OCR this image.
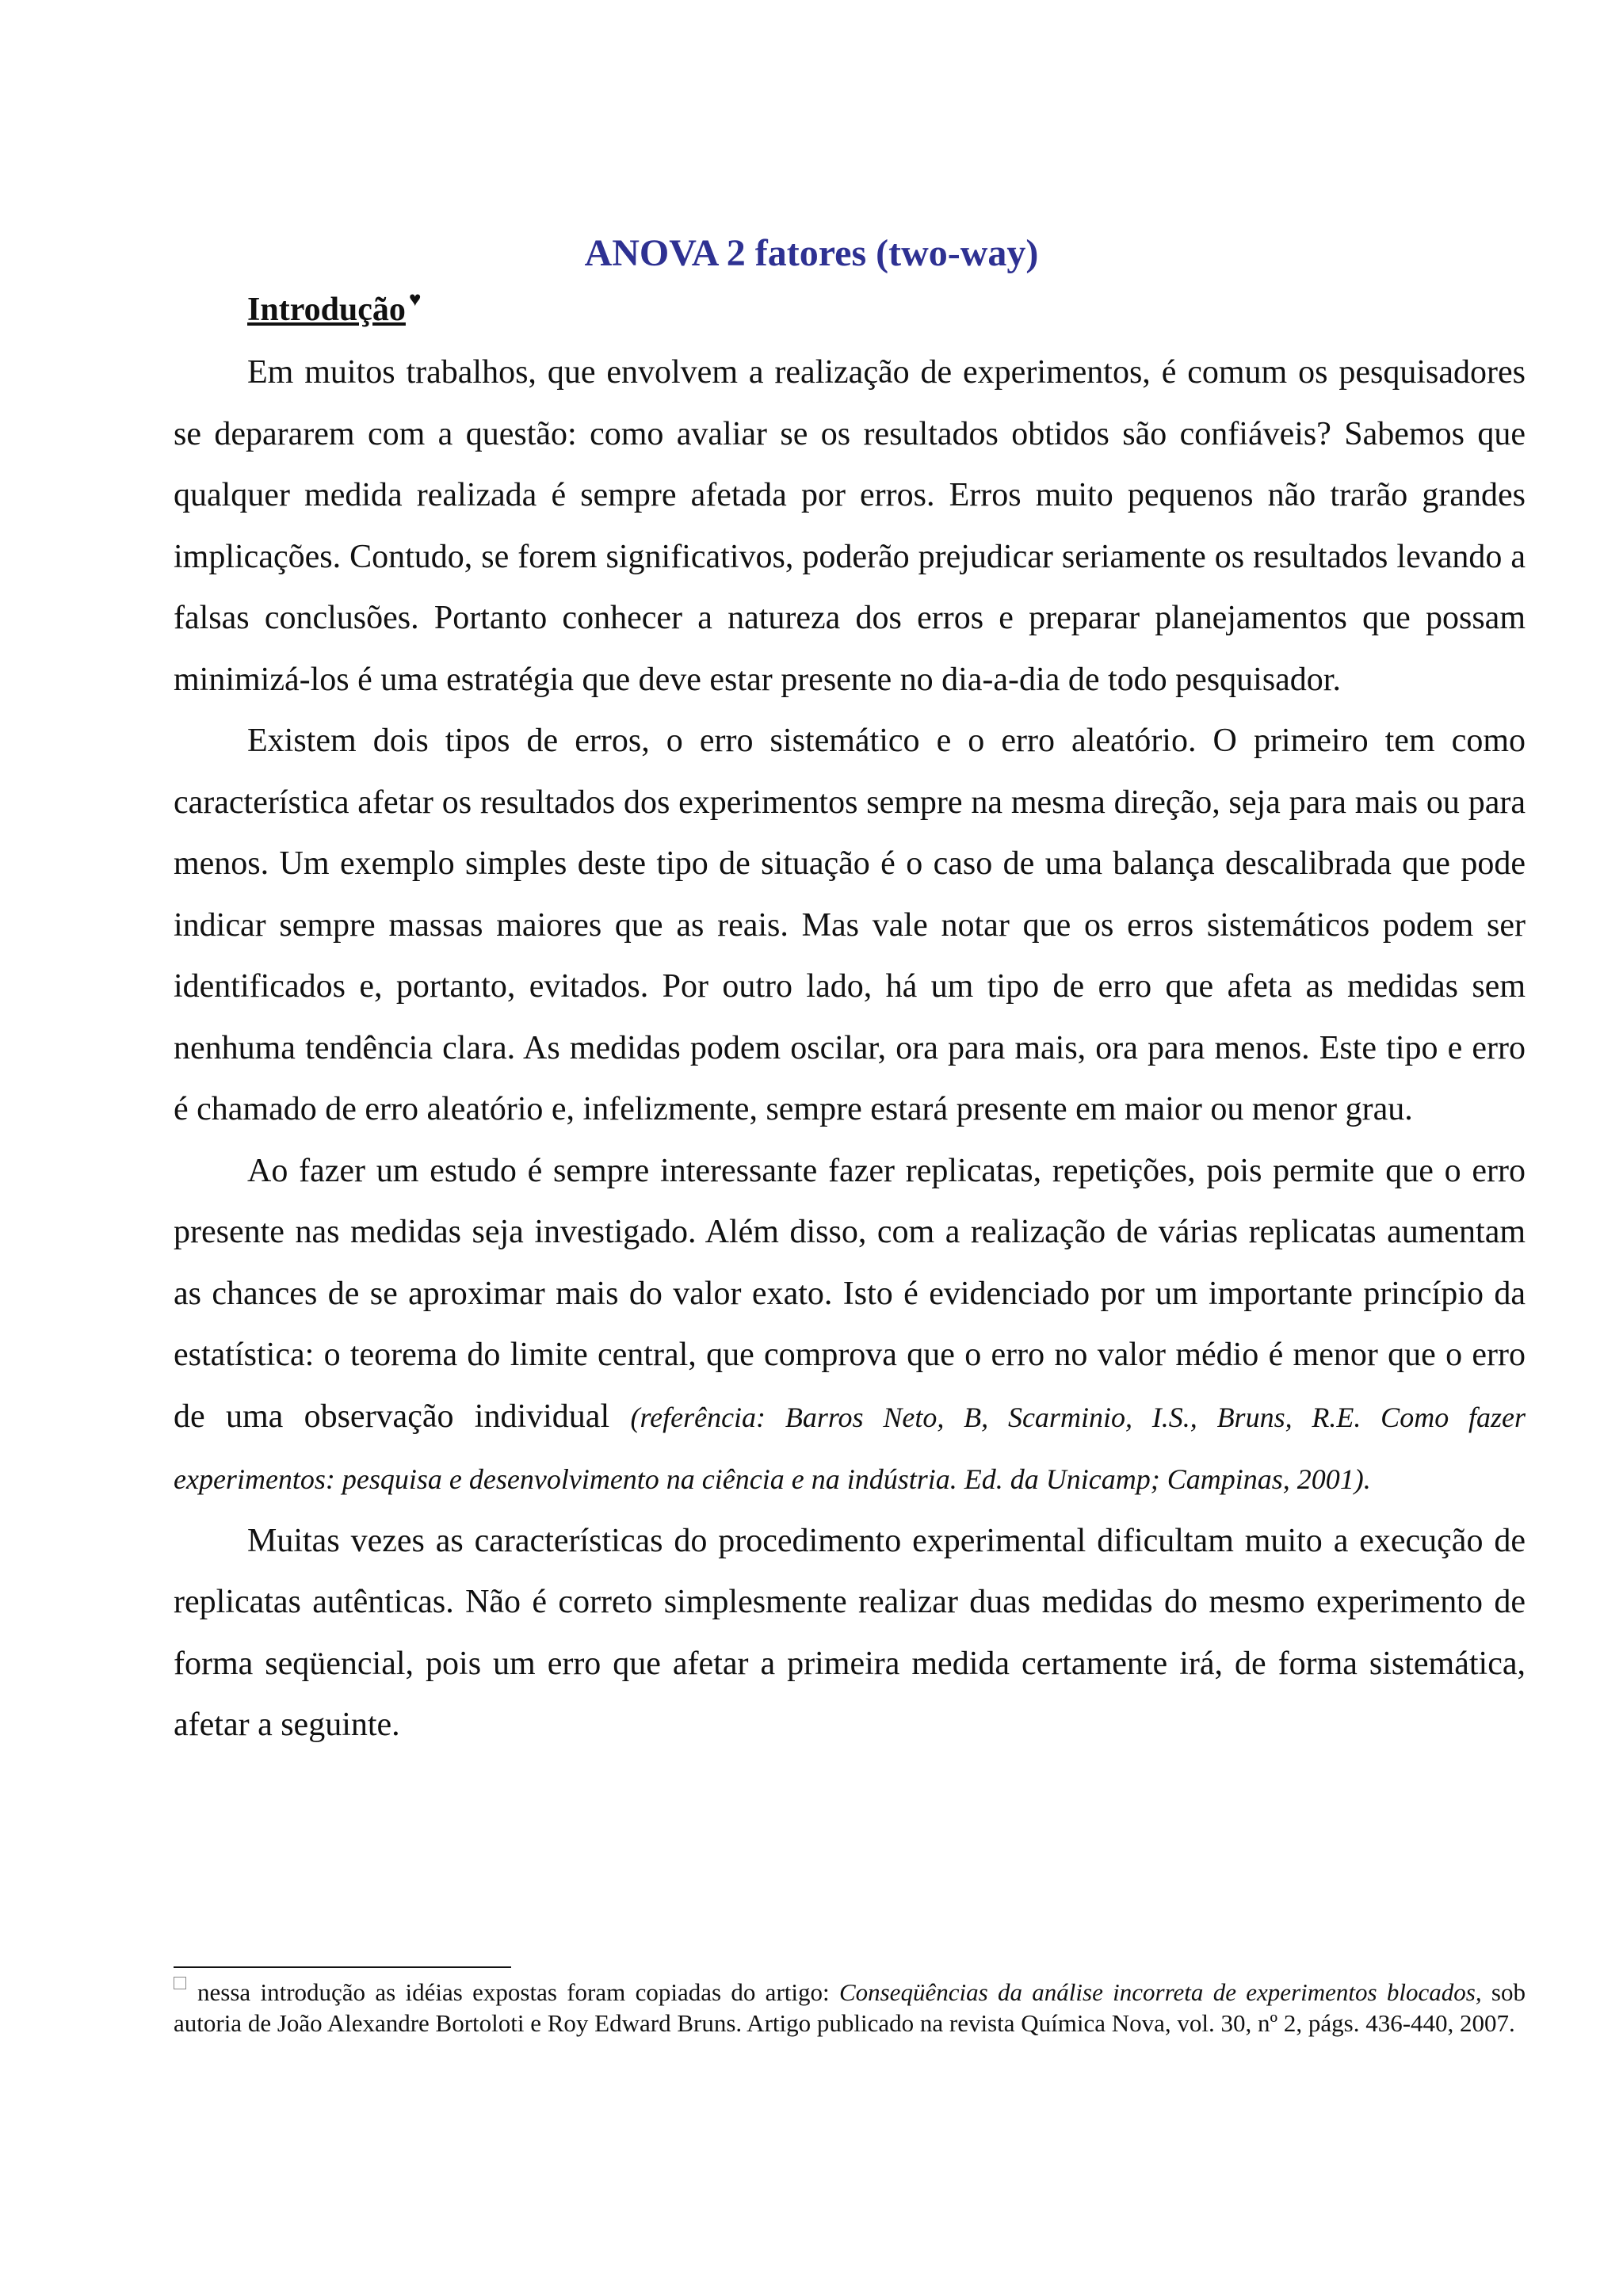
ANOVA 2 fatores (two-way)
Introdução ♥

Em muitos trabalhos, que envolvem a realização de experimentos, é comum os pesquisadores se depararem com a questão: como avaliar se os resultados obtidos são confiáveis? Sabemos que qualquer medida realizada é sempre afetada por erros. Erros muito pequenos não trarão grandes implicações. Contudo, se forem significativos, poderão prejudicar seriamente os resultados levando a falsas conclusões. Portanto conhecer a natureza dos erros e preparar planejamentos que possam minimizá-los é uma estratégia que deve estar presente no dia-a-dia de todo pesquisador.

Existem dois tipos de erros, o erro sistemático e o erro aleatório. O primeiro tem como característica afetar os resultados dos experimentos sempre na mesma direção, seja para mais ou para menos. Um exemplo simples deste tipo de situação é o caso de uma balança descalibrada que pode indicar sempre massas maiores que as reais. Mas vale notar que os erros sistemáticos podem ser identificados e, portanto, evitados. Por outro lado, há um tipo de erro que afeta as medidas sem nenhuma tendência clara. As medidas podem oscilar, ora para mais, ora para menos. Este tipo e erro é chamado de erro aleatório e, infelizmente, sempre estará presente em maior ou menor grau.

Ao fazer um estudo é sempre interessante fazer replicatas, repetições, pois permite que o erro presente nas medidas seja investigado. Além disso, com a realização de várias replicatas aumentam as chances de se aproximar mais do valor exato. Isto é evidenciado por um importante princípio da estatística: o teorema do limite central, que comprova que o erro no valor médio é menor que o erro de uma observação individual (referência: Barros Neto, B, Scarminio, I.S., Bruns, R.E. Como fazer experimentos: pesquisa e desenvolvimento na ciência e na indústria. Ed. da Unicamp; Campinas, 2001).

Muitas vezes as características do procedimento experimental dificultam muito a execução de replicatas autênticas. Não é correto simplesmente realizar duas medidas do mesmo experimento de forma seqüencial, pois um erro que afetar a primeira medida certamente irá, de forma sistemática, afetar a seguinte.

nessa introdução as idéias expostas foram copiadas do artigo: Conseqüências da análise incorreta de experimentos blocados, sob autoria de João Alexandre Bortoloti e Roy Edward Bruns. Artigo publicado na revista Química Nova, vol. 30, nº 2, págs. 436-440, 2007.
